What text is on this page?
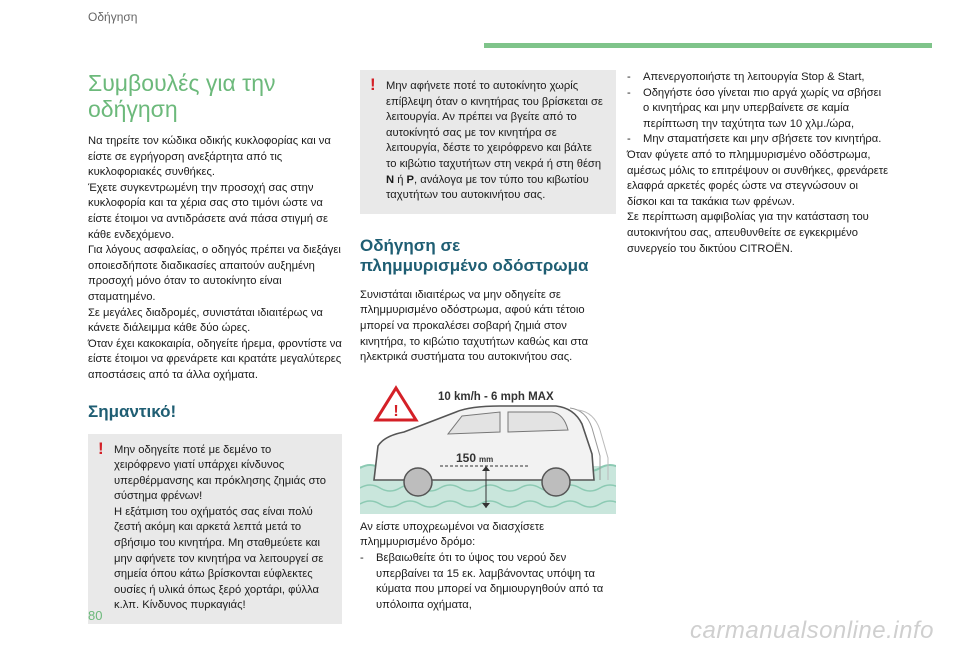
Οδήγηση
Συμβουλές για την
οδήγηση

Να τηρείτε τον κώδικα οδικής κυκλοφορίας και να είστε σε εγρήγορση ανεξάρτητα από τις κυκλοφοριακές συνθήκες.

Έχετε συγκεντρωμένη την προσοχή σας στην κυκλοφορία και τα χέρια σας στο τιμόνι ώστε να είστε έτοιμοι να αντιδράσετε ανά πάσα στιγμή σε κάθε ενδεχόμενο.

Για λόγους ασφαλείας, ο οδηγός πρέπει να διεξάγει οποιεσδήποτε διαδικασίες απαιτούν αυξημένη προσοχή μόνο όταν το αυτοκίνητο είναι σταματημένο.

Σε μεγάλες διαδρομές, συνιστάται ιδιαιτέρως να κάνετε διάλειμμα κάθε δύο ώρες.

Όταν έχει κακοκαιρία, οδηγείτε ήρεμα, φροντίστε να είστε έτοιμοι να φρενάρετε και κρατάτε μεγαλύτερες αποστάσεις από τα άλλα οχήματα.

Σημαντικό!
! Μην οδηγείτε ποτέ με δεμένο το χειρόφρενο γιατί υπάρχει κίνδυνος υπερθέρμανσης και πρόκλησης ζημιάς στο σύστημα φρένων!

Η εξάτμιση του οχήματός σας είναι πολύ ζεστή ακόμη και αρκετά λεπτά μετά το σβήσιμο του κινητήρα. Μη σταθμεύετε και μην αφήνετε τον κινητήρα να λειτουργεί σε σημεία όπου κάτω βρίσκονται εύφλεκτες ουσίες ή υλικά όπως ξερό χορτάρι, φύλλα κ.λπ. Κίνδυνος πυρκαγιάς!

! Μην αφήνετε ποτέ το αυτοκίνητο χωρίς επίβλεψη όταν ο κινητήρας του βρίσκεται σε λειτουργία. Αν πρέπει να βγείτε από το αυτοκίνητό σας με τον κινητήρα σε λειτουργία, δέστε το χειρόφρενο και βάλτε το κιβώτιο ταχυτήτων στη νεκρά ή στη θέση N ή P, ανάλογα με τον τύπο του κιβωτίου ταχυτήτων του αυτοκινήτου σας.

Οδήγηση σε
πλημμυρισμένο οδόστρωμα

Συνιστάται ιδιαιτέρως να μην οδηγείτε σε πλημμυρισμένο οδόστρωμα, αφού κάτι τέτοιο μπορεί να προκαλέσει σοβαρή ζημιά στον κινητήρα, το κιβώτιο ταχυτήτων καθώς και στα ηλεκτρικά συστήματα του αυτοκινήτου σας.

!
10 km/h - 6 mph MAX
150 mm

Αν είστε υποχρεωμένοι να διασχίσετε πλημμυρισμένο δρόμο:

- Βεβαιωθείτε ότι το ύψος του νερού δεν υπερβαίνει τα 15 εκ. λαμβάνοντας υπόψη τα κύματα που μπορεί να δημιουργηθούν από τα υπόλοιπα οχήματα,
- Απενεργοποιήστε τη λειτουργία Stop & Start,
- Οδηγήστε όσο γίνεται πιο αργά χωρίς να σβήσει ο κινητήρας και μην υπερβαίνετε σε καμία περίπτωση την ταχύτητα των 10 χλμ./ώρα,
- Μην σταματήσετε και μην σβήσετε τον κινητήρα.

Όταν φύγετε από το πλημμυρισμένο οδόστρωμα, αμέσως μόλις το επιτρέψουν οι συνθήκες, φρενάρετε ελαφρά αρκετές φορές ώστε να στεγνώσουν οι δίσκοι και τα τακάκια των φρένων.

Σε περίπτωση αμφιβολίας για την κατάσταση του αυτοκινήτου σας, απευθυνθείτε σε εγκεκριμένο συνεργείο του δικτύου CITROËN.

80
carmanualsonline.info
